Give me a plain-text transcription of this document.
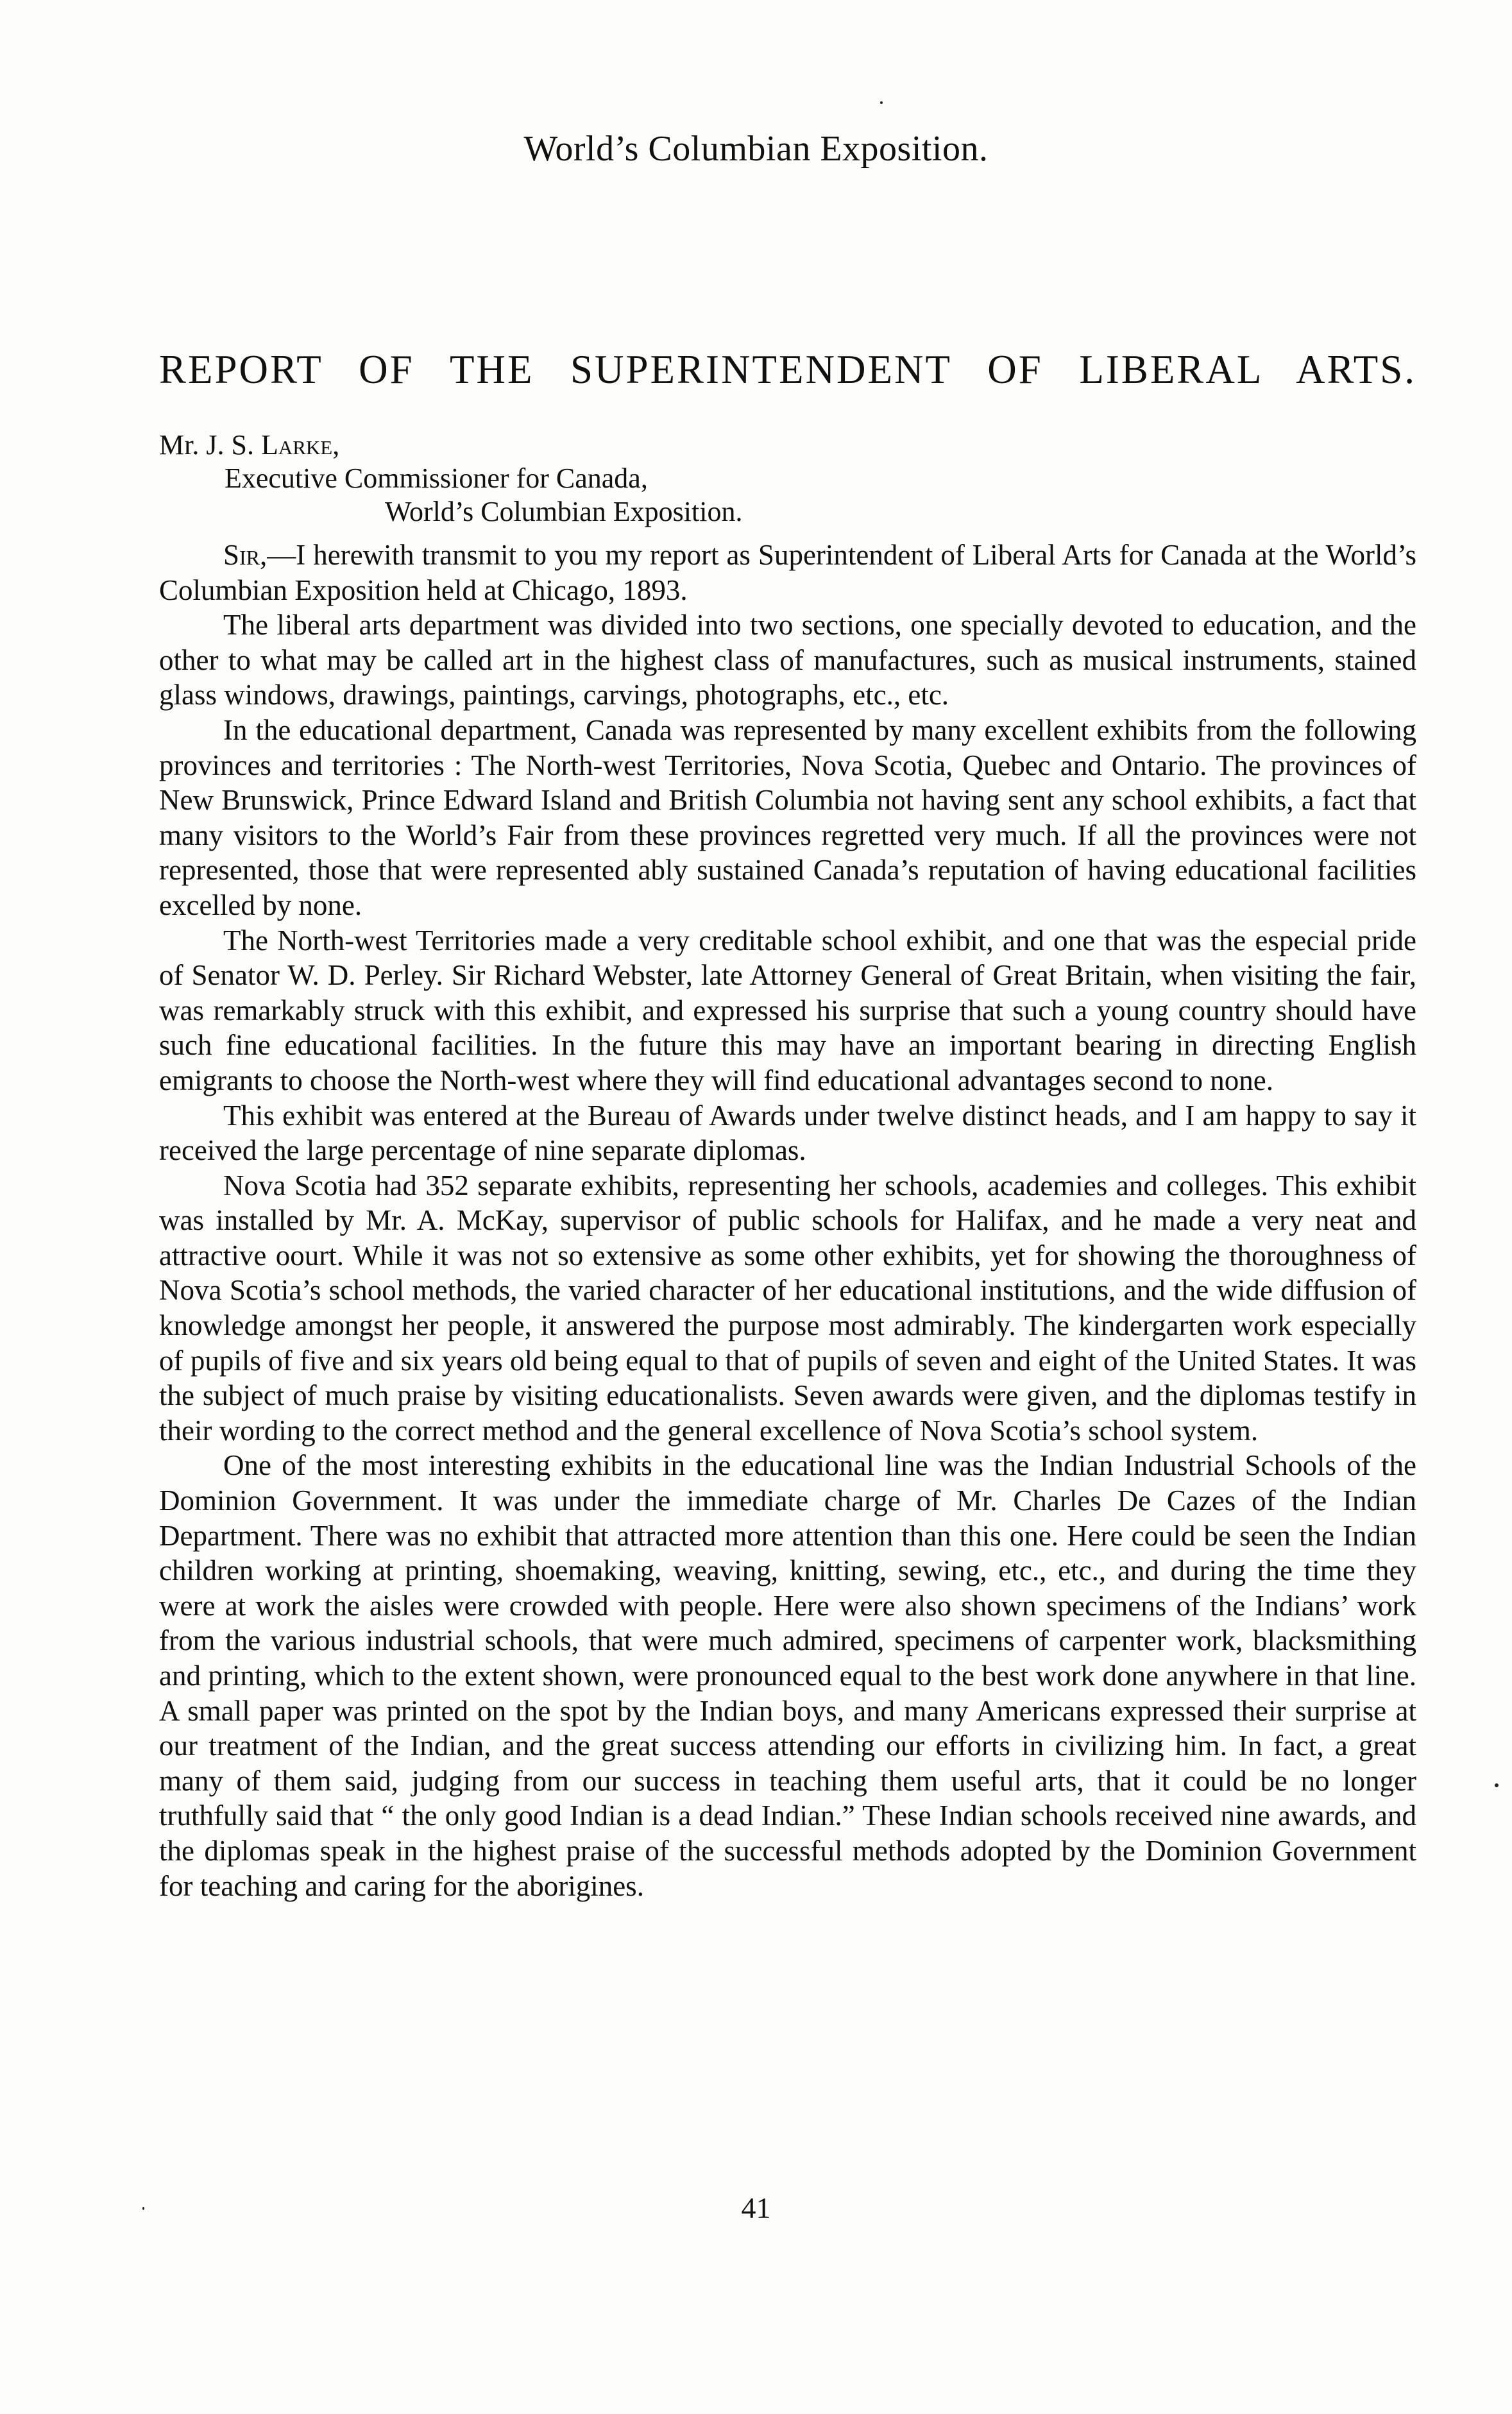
World’s Columbian Exposition.
REPORT OF THE SUPERINTENDENT OF LIBERAL ARTS.
Mr. J. S. Larke,
Executive Commissioner for Canada,
World’s Columbian Exposition.

Sir,—I herewith transmit to you my report as Superintendent of Liberal Arts for Canada at the World’s Columbian Exposition held at Chicago, 1893.

The liberal arts department was divided into two sections, one specially devoted to education, and the other to what may be called art in the highest class of manufactures, such as musical instruments, stained glass windows, drawings, paintings, carvings, photographs, etc., etc.

In the educational department, Canada was represented by many excellent exhibits from the following provinces and territories : The North-west Territories, Nova Scotia, Quebec and Ontario. The provinces of New Brunswick, Prince Edward Island and British Columbia not having sent any school exhibits, a fact that many visitors to the World’s Fair from these provinces regretted very much. If all the provinces were not represented, those that were represented ably sustained Canada’s reputation of having educational facilities excelled by none.

The North-west Territories made a very creditable school exhibit, and one that was the especial pride of Senator W. D. Perley. Sir Richard Webster, late Attorney General of Great Britain, when visiting the fair, was remarkably struck with this exhibit, and expressed his surprise that such a young country should have such fine educational facilities. In the future this may have an important bearing in directing English emigrants to choose the North-west where they will find educational advantages second to none.

This exhibit was entered at the Bureau of Awards under twelve distinct heads, and I am happy to say it received the large percentage of nine separate diplomas.

Nova Scotia had 352 separate exhibits, representing her schools, academies and colleges. This exhibit was installed by Mr. A. McKay, supervisor of public schools for Halifax, and he made a very neat and attractive oourt. While it was not so extensive as some other exhibits, yet for showing the thoroughness of Nova Scotia’s school methods, the varied character of her educational institutions, and the wide diffusion of knowledge amongst her people, it answered the purpose most admirably. The kindergarten work especially of pupils of five and six years old being equal to that of pupils of seven and eight of the United States. It was the subject of much praise by visiting educationalists. Seven awards were given, and the diplomas testify in their wording to the correct method and the general excellence of Nova Scotia’s school system.

One of the most interesting exhibits in the educational line was the Indian Industrial Schools of the Dominion Government. It was under the immediate charge of Mr. Charles De Cazes of the Indian Department. There was no exhibit that attracted more attention than this one. Here could be seen the Indian children working at printing, shoemaking, weaving, knitting, sewing, etc., etc., and during the time they were at work the aisles were crowded with people. Here were also shown specimens of the Indians’ work from the various industrial schools, that were much admired, specimens of carpenter work, blacksmithing and printing, which to the extent shown, were pronounced equal to the best work done anywhere in that line. A small paper was printed on the spot by the Indian boys, and many Americans expressed their surprise at our treatment of the Indian, and the great success attending our efforts in civilizing him. In fact, a great many of them said, judging from our success in teaching them useful arts, that it could be no longer truthfully said that “ the only good Indian is a dead Indian.” These Indian schools received nine awards, and the diplomas speak in the highest praise of the successful methods adopted by the Dominion Government for teaching and caring for the aborigines.

41
